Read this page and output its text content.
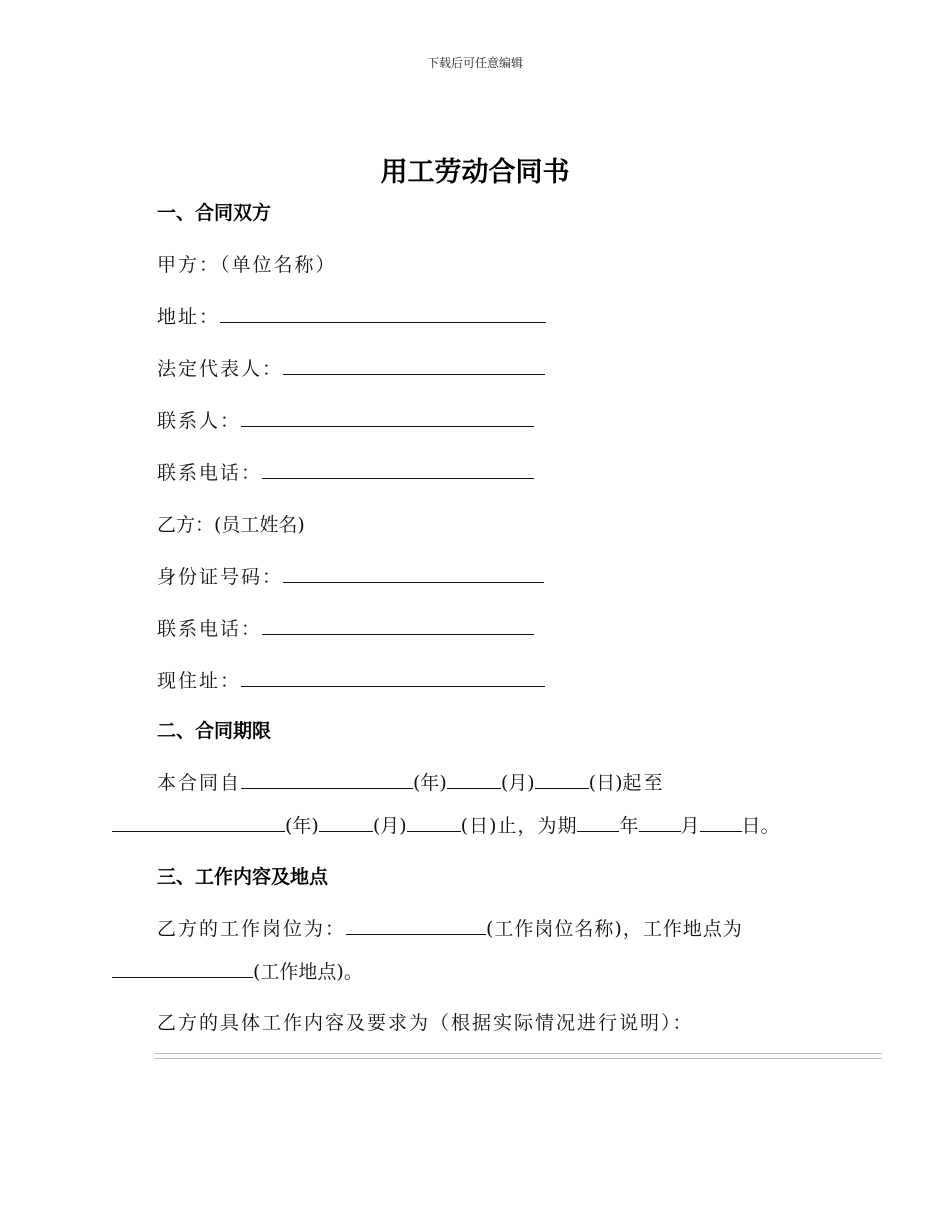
下载后可任意编辑
用工劳动合同书
一、合同双方
甲方：（单位名称）
地址：
法定代表人：
联系人：
联系电话：
乙方：(员工姓名)
身份证号码：
联系电话：
现住址：
二、合同期限
本合同自	(年)	(月)	(日)起至
(年)	(月)	(日)止，为期 年 月 日。
三、工作内容及地点
乙方的工作岗位为：	(工作岗位名称)，工作地点为
(工作地点)。
乙方的具体工作内容及要求为（根据实际情况进行说明）：
